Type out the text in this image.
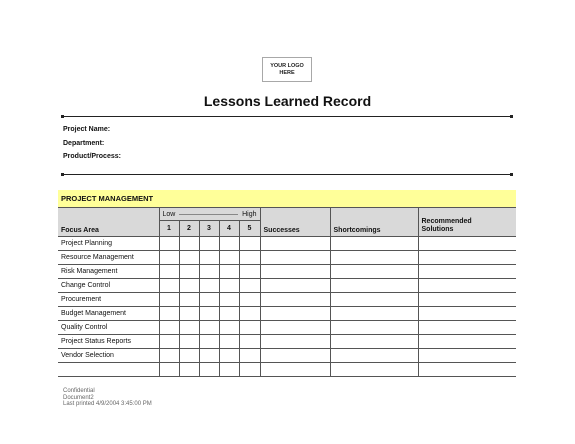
YOUR LOGO
HERE
Lessons Learned Record
Project Name:
Department:
Product/Process:
PROJECT MANAGEMENT								
Focus Area	Low High					Successes	Shortcomings	Recommended
Solutions
	1	2	3	4	5			
Project Planning								
Resource Management								
Risk Management								
Change Control								
Procurement								
Budget Management								
Quality Control								
Project Status Reports								
Vendor Selection								

Confidential
Document2
Last printed 4/9/2004 3:45:00 PM
